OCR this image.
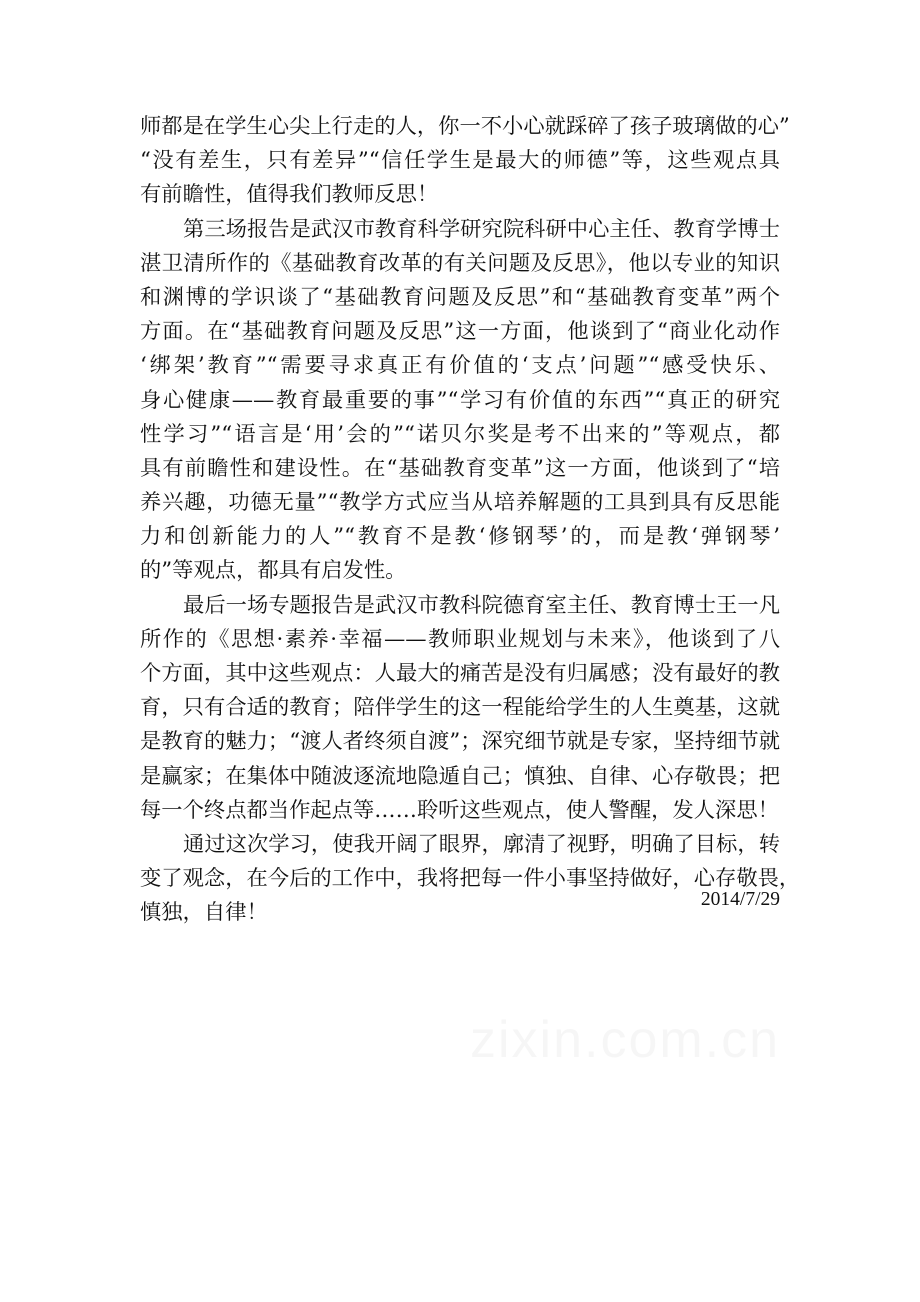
师都是在学生心尖上行走的人，你一不小心就踩碎了孩子玻璃做的心”
“没有差生，只有差异”“信任学生是最大的师德”等，这些观点具
有前瞻性，值得我们教师反思！
第三场报告是武汉市教育科学研究院科研中心主任、教育学博士
湛卫清所作的《基础教育改革的有关问题及反思》，他以专业的知识
和渊博的学识谈了“基础教育问题及反思”和“基础教育变革”两个
方面。在“基础教育问题及反思”这一方面，他谈到了“商业化动作
‘绑架’教育”“需要寻求真正有价值的‘支点’问题”“感受快乐、
身心健康——教育最重要的事”“学习有价值的东西”“真正的研究
性学习”“语言是‘用’会的”“诺贝尔奖是考不出来的”等观点，都
具有前瞻性和建设性。在“基础教育变革”这一方面，他谈到了“培
养兴趣，功德无量”“教学方式应当从培养解题的工具到具有反思能
力和创新能力的人”“教育不是教‘修钢琴’的，而是教‘弹钢琴’
的”等观点，都具有启发性。
最后一场专题报告是武汉市教科院德育室主任、教育博士王一凡
所作的《思想·素养·幸福——教师职业规划与未来》，他谈到了八
个方面，其中这些观点：人最大的痛苦是没有归属感；没有最好的教
育，只有合适的教育；陪伴学生的这一程能给学生的人生奠基，这就
是教育的魅力；“渡人者终须自渡”；深究细节就是专家，坚持细节就
是赢家；在集体中随波逐流地隐遁自己；慎独、自律、心存敬畏；把
每一个终点都当作起点等……聆听这些观点，使人警醒，发人深思！
通过这次学习，使我开阔了眼界，廓清了视野，明确了目标，转
变了观念，在今后的工作中，我将把每一件小事坚持做好，心存敬畏，
慎独，自律！
2014/7/29
